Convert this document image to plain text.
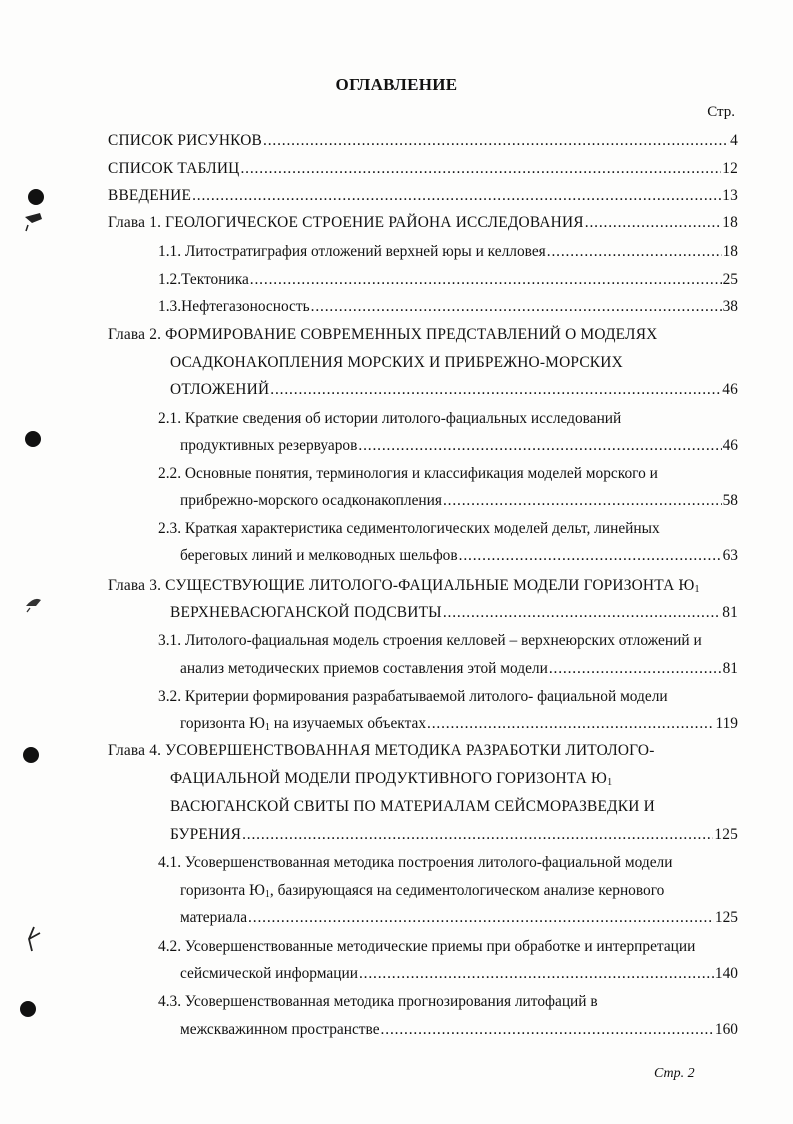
ОГЛАВЛЕНИЕ
Стр.
СПИСОК РИСУНКОВ . . .	4
СПИСОК ТАБЛИЦ . . .	12
ВВЕДЕНИЕ . . .	13
Глава 1. ГЕОЛОГИЧЕСКОЕ СТРОЕНИЕ РАЙОНА ИССЛЕДОВАНИЯ . . .	18
1.1. Литостратиграфия отложений верхней юры и келловея . . .	18
1.2.Тектоника . . .	25
1.3.Нефтегазоносность . . .	38
Глава 2. ФОРМИРОВАНИЕ СОВРЕМЕННЫХ ПРЕДСТАВЛЕНИЙ О МОДЕЛЯХ
ОСАДКОНАКОПЛЕНИЯ МОРСКИХ И ПРИБРЕЖНО-МОРСКИХ
ОТЛОЖЕНИЙ . . .	46
2.1. Краткие сведения об истории литолого-фациальных исследований
продуктивных резервуаров . . .	46
2.2. Основные понятия, терминология и классификация моделей морского и
прибрежно-морского осадконакопления . . .	58
2.3. Краткая характеристика седиментологических моделей дельт, линейных
береговых линий и мелководных шельфов . . .	63
Глава 3. СУЩЕСТВУЮЩИЕ ЛИТОЛОГО-ФАЦИАЛЬНЫЕ МОДЕЛИ ГОРИЗОНТА $Ю_1$
ВЕРХНЕВАСЮГАНСКОЙ ПОДСВИТЫ . . .	81
3.1. Литолого-фациальная модель строения келловей – верхнеюрских отложений и
анализ методических приемов составления этой модели . . .	81
3.2. Критерии формирования разрабатываемой литолого- фациальной модели
горизонта $Ю_1$ на изучаемых объектах . . .	119
Глава 4. УСОВЕРШЕНСТВОВАННАЯ МЕТОДИКА РАЗРАБОТКИ ЛИТОЛОГО-
ФАЦИАЛЬНОЙ МОДЕЛИ ПРОДУКТИВНОГО ГОРИЗОНТА $Ю_1$
ВАСЮГАНСКОЙ СВИТЫ ПО МАТЕРИАЛАМ СЕЙСМОРАЗВЕДКИ И
БУРЕНИЯ . . .	125
4.1. Усовершенствованная методика построения литолого-фациальной модели
горизонта $Ю_1$, базирующаяся на седиментологическом анализе кернового
материала . . .	125
4.2. Усовершенствованные методические приемы при обработке и интерпретации
сейсмической информации . . .	140
4.3. Усовершенствованная методика прогнозирования литофаций в
межскважинном пространстве . . .	160
Стр. 2
